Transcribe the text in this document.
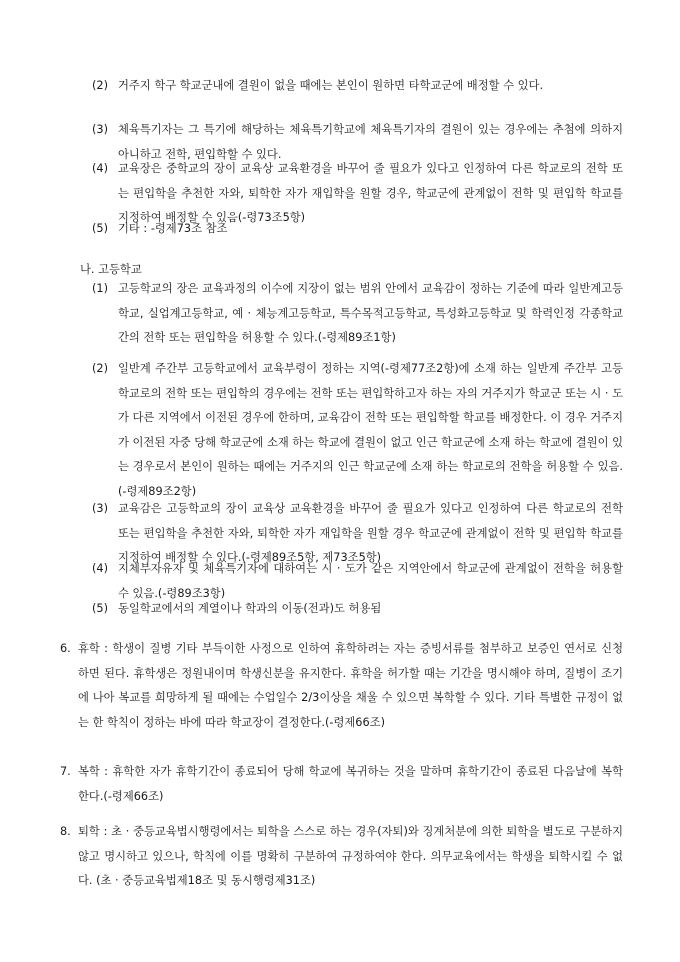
(2) 거주지 학구 학교군내에 결원이 없을 때에는 본인이 원하면 타학교군에 배정할 수 있다.
(3) 체육특기자는 그 특기에 해당하는 체육특기학교에 체육특기자의 결원이 있는 경우에는 추첨에 의하지 아니하고 전학, 편입학할 수 있다.
(4) 교육장은 중학교의 장이 교육상 교육환경을 바꾸어 줄 필요가 있다고 인정하여 다른 학교로의 전학 또는 편입학을 추천한 자와, 퇴학한 자가 재입학을 원할 경우, 학교군에 관계없이 전학 및 편입학 학교를 지정하여 배정할 수 있음(-령73조5항)
(5) 기타 : -령제73조 참조
나. 고등학교
(1) 고등학교의 장은 교육과정의 이수에 지장이 없는 범위 안에서 교육감이 정하는 기준에 따라 일반계고등학교, 실업계고등학교, 예 · 체능계고등학교, 특수목적고등학교, 특성화고등학교 및 학력인정 각종학교 간의 전학 또는 편입학을 허용할 수 있다.(-령제89조1항)
(2) 일반계 주간부 고등학교에서 교육부령이 정하는 지역(-령제77조2항)에 소재 하는 일반계 주간부 고등학교로의 전학 또는 편입학의 경우에는 전학 또는 편입학하고자 하는 자의 거주지가 학교군 또는 시 · 도가 다른 지역에서 이전된 경우에 한하며, 교육감이 전학 또는 편입학할 학교를 배정한다. 이 경우 거주지가 이전된 자중 당해 학교군에 소재 하는 학교에 결원이 없고 인근 학교군에 소재 하는 학교에 결원이 있는 경우로서 본인이 원하는 때에는 거주지의 인근 학교군에 소재 하는 학교로의 전학을 허용할 수 있음.(-령제89조2항)
(3) 교육감은 고등학교의 장이 교육상 교육환경을 바꾸어 줄 필요가 있다고 인정하여 다른 학교로의 전학 또는 편입학을 추천한 자와, 퇴학한 자가 재입학을 원할 경우 학교군에 관계없이 전학 및 편입학 학교를 지정하여 배정할 수 있다.(-령제89조5항, 제73조5항)
(4) 지체부자유자 및 체육특기자에 대하여는 시 · 도가 같은 지역안에서 학교군에 관계없이 전학을 허용할 수 있음.(-령89조3항)
(5) 동일학교에서의 계열이나 학과의 이동(전과)도 허용됨
6. 휴학 : 학생이 질병 기타 부득이한 사정으로 인하여 휴학하려는 자는 증빙서류를 첨부하고 보증인 연서로 신청하면 된다. 휴학생은 정원내이며 학생신분을 유지한다. 휴학을 허가할 때는 기간을 명시해야 하며, 질병이 조기에 나아 복교를 희망하게 될 때에는 수업일수 2/3이상을 채울 수 있으면 복학할 수 있다. 기타 특별한 규정이 없는 한 학칙이 정하는 바에 따라 학교장이 결정한다.(-령제66조)
7. 복학 : 휴학한 자가 휴학기간이 종료되어 당해 학교에 복귀하는 것을 말하며 휴학기간이 종료된 다음날에 복학한다.(-령제66조)
8. 퇴학 : 초 · 중등교육법시행령에서는 퇴학을 스스로 하는 경우(자퇴)와 징계처분에 의한 퇴학을 별도로 구분하지 않고 명시하고 있으나, 학칙에 이를 명확히 구분하여 규정하여야 한다. 의무교육에서는 학생을 퇴학시킬 수 없다. (초 · 중등교육법제18조 및 동시행령제31조)
